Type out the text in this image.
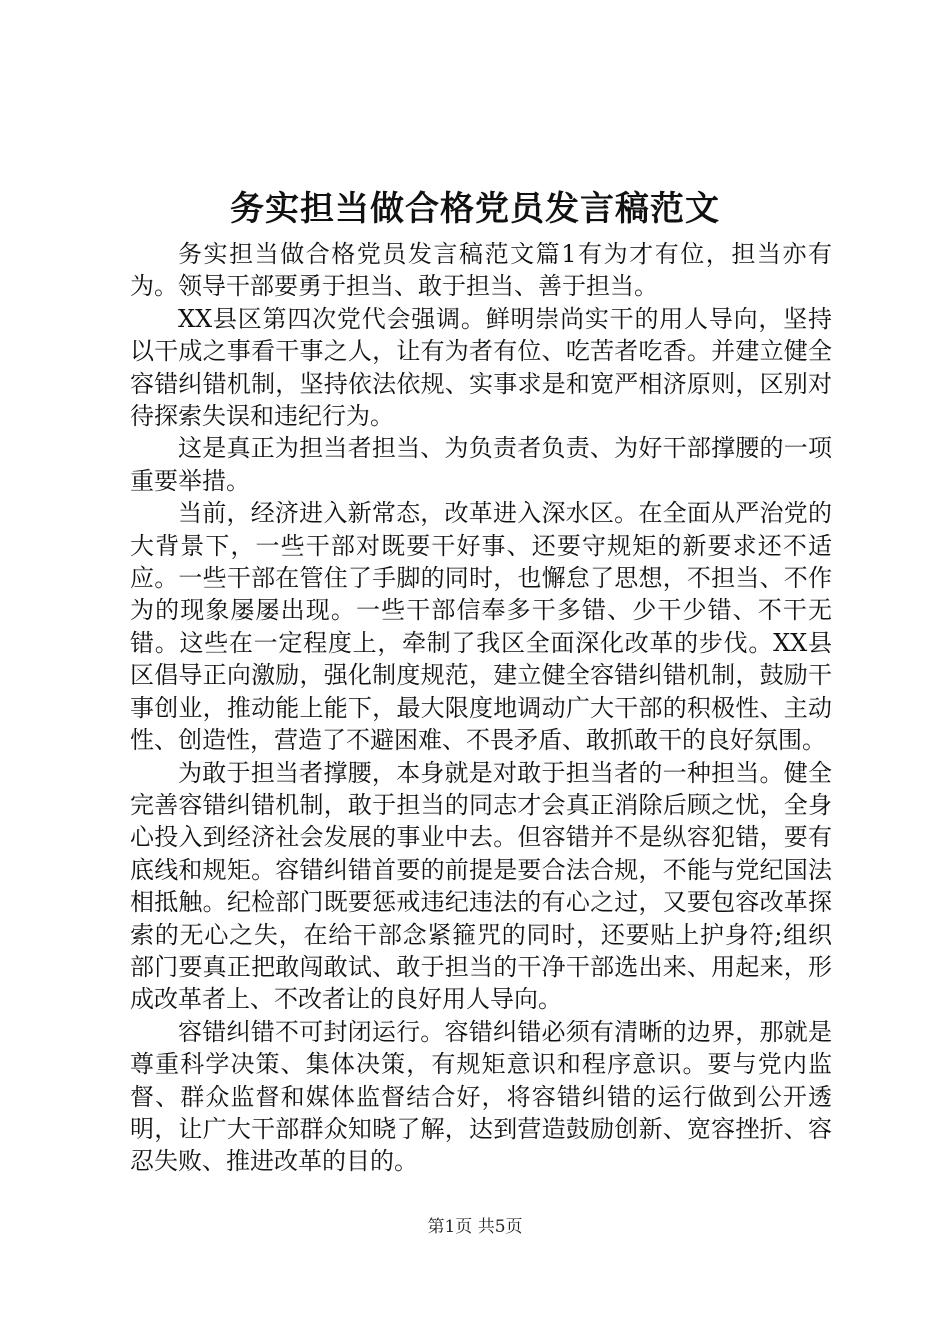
务实担当做合格党员发言稿范文

务实担当做合格党员发言稿范文篇1有为才有位，担当亦有为。领导干部要勇于担当、敢于担当、善于担当。

XX县区第四次党代会强调。鲜明崇尚实干的用人导向，坚持以干成之事看干事之人，让有为者有位、吃苦者吃香。并建立健全容错纠错机制，坚持依法依规、实事求是和宽严相济原则，区别对待探索失误和违纪行为。

这是真正为担当者担当、为负责者负责、为好干部撑腰的一项重要举措。

当前，经济进入新常态，改革进入深水区。在全面从严治党的大背景下，一些干部对既要干好事、还要守规矩的新要求还不适应。一些干部在管住了手脚的同时，也懈怠了思想，不担当、不作为的现象屡屡出现。一些干部信奉多干多错、少干少错、不干无错。这些在一定程度上，牵制了我区全面深化改革的步伐。XX县区倡导正向激励，强化制度规范，建立健全容错纠错机制，鼓励干事创业，推动能上能下，最大限度地调动广大干部的积极性、主动性、创造性，营造了不避困难、不畏矛盾、敢抓敢干的良好氛围。

为敢于担当者撑腰，本身就是对敢于担当者的一种担当。健全完善容错纠错机制，敢于担当的同志才会真正消除后顾之忧，全身心投入到经济社会发展的事业中去。但容错并不是纵容犯错，要有底线和规矩。容错纠错首要的前提是要合法合规，不能与党纪国法相抵触。纪检部门既要惩戒违纪违法的有心之过，又要包容改革探索的无心之失，在给干部念紧箍咒的同时，还要贴上护身符;组织部门要真正把敢闯敢试、敢于担当的干净干部选出来、用起来，形成改革者上、不改者让的良好用人导向。

容错纠错不可封闭运行。容错纠错必须有清晰的边界，那就是尊重科学决策、集体决策，有规矩意识和程序意识。要与党内监督、群众监督和媒体监督结合好，将容错纠错的运行做到公开透明，让广大干部群众知晓了解，达到营造鼓励创新、宽容挫折、容忍失败、推进改革的目的。

第1页 共5页
